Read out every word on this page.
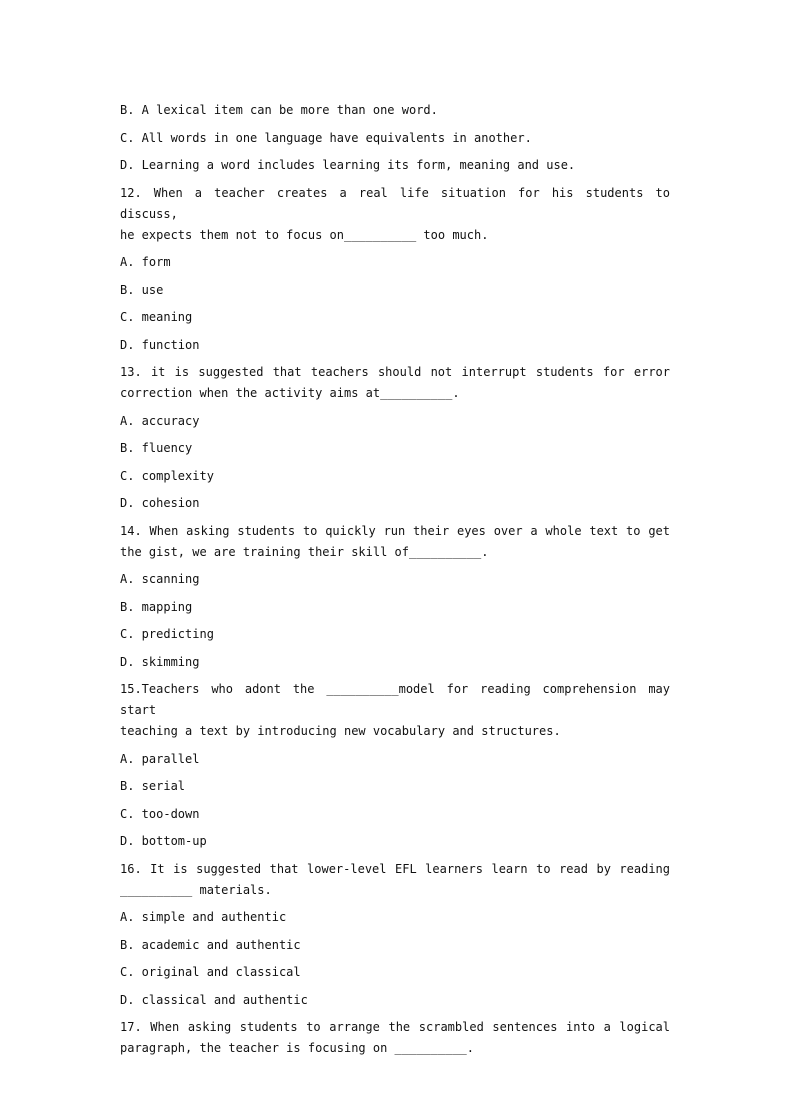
B. A lexical item can be more than one word.
C. All words in one language have equivalents in another.
D. Learning a word includes learning its form, meaning and use.
12. When a teacher creates a real life situation for his students to discuss,
he expects them not to focus on__________ too much.
A. form
B. use
C. meaning
D. function
13. it is suggested that teachers should not interrupt students for error
correction when the activity aims at__________.
A. accuracy
B. fluency
C. complexity
D. cohesion
14. When asking students to quickly run their eyes over a whole text to get
the gist, we are training their skill of__________.
A. scanning
B. mapping
C. predicting
D. skimming
15.Teachers who adont the __________model for reading comprehension may start
teaching a text by introducing new vocabulary and structures.
A. parallel
B. serial
C. too-down
D. bottom-up
16. It is suggested that lower-level EFL learners learn to read by reading
__________ materials.
A. simple and authentic
B. academic and authentic
C. original and classical
D. classical and authentic
17. When asking students to arrange the scrambled sentences into a logical
paragraph, the teacher is focusing on __________.
